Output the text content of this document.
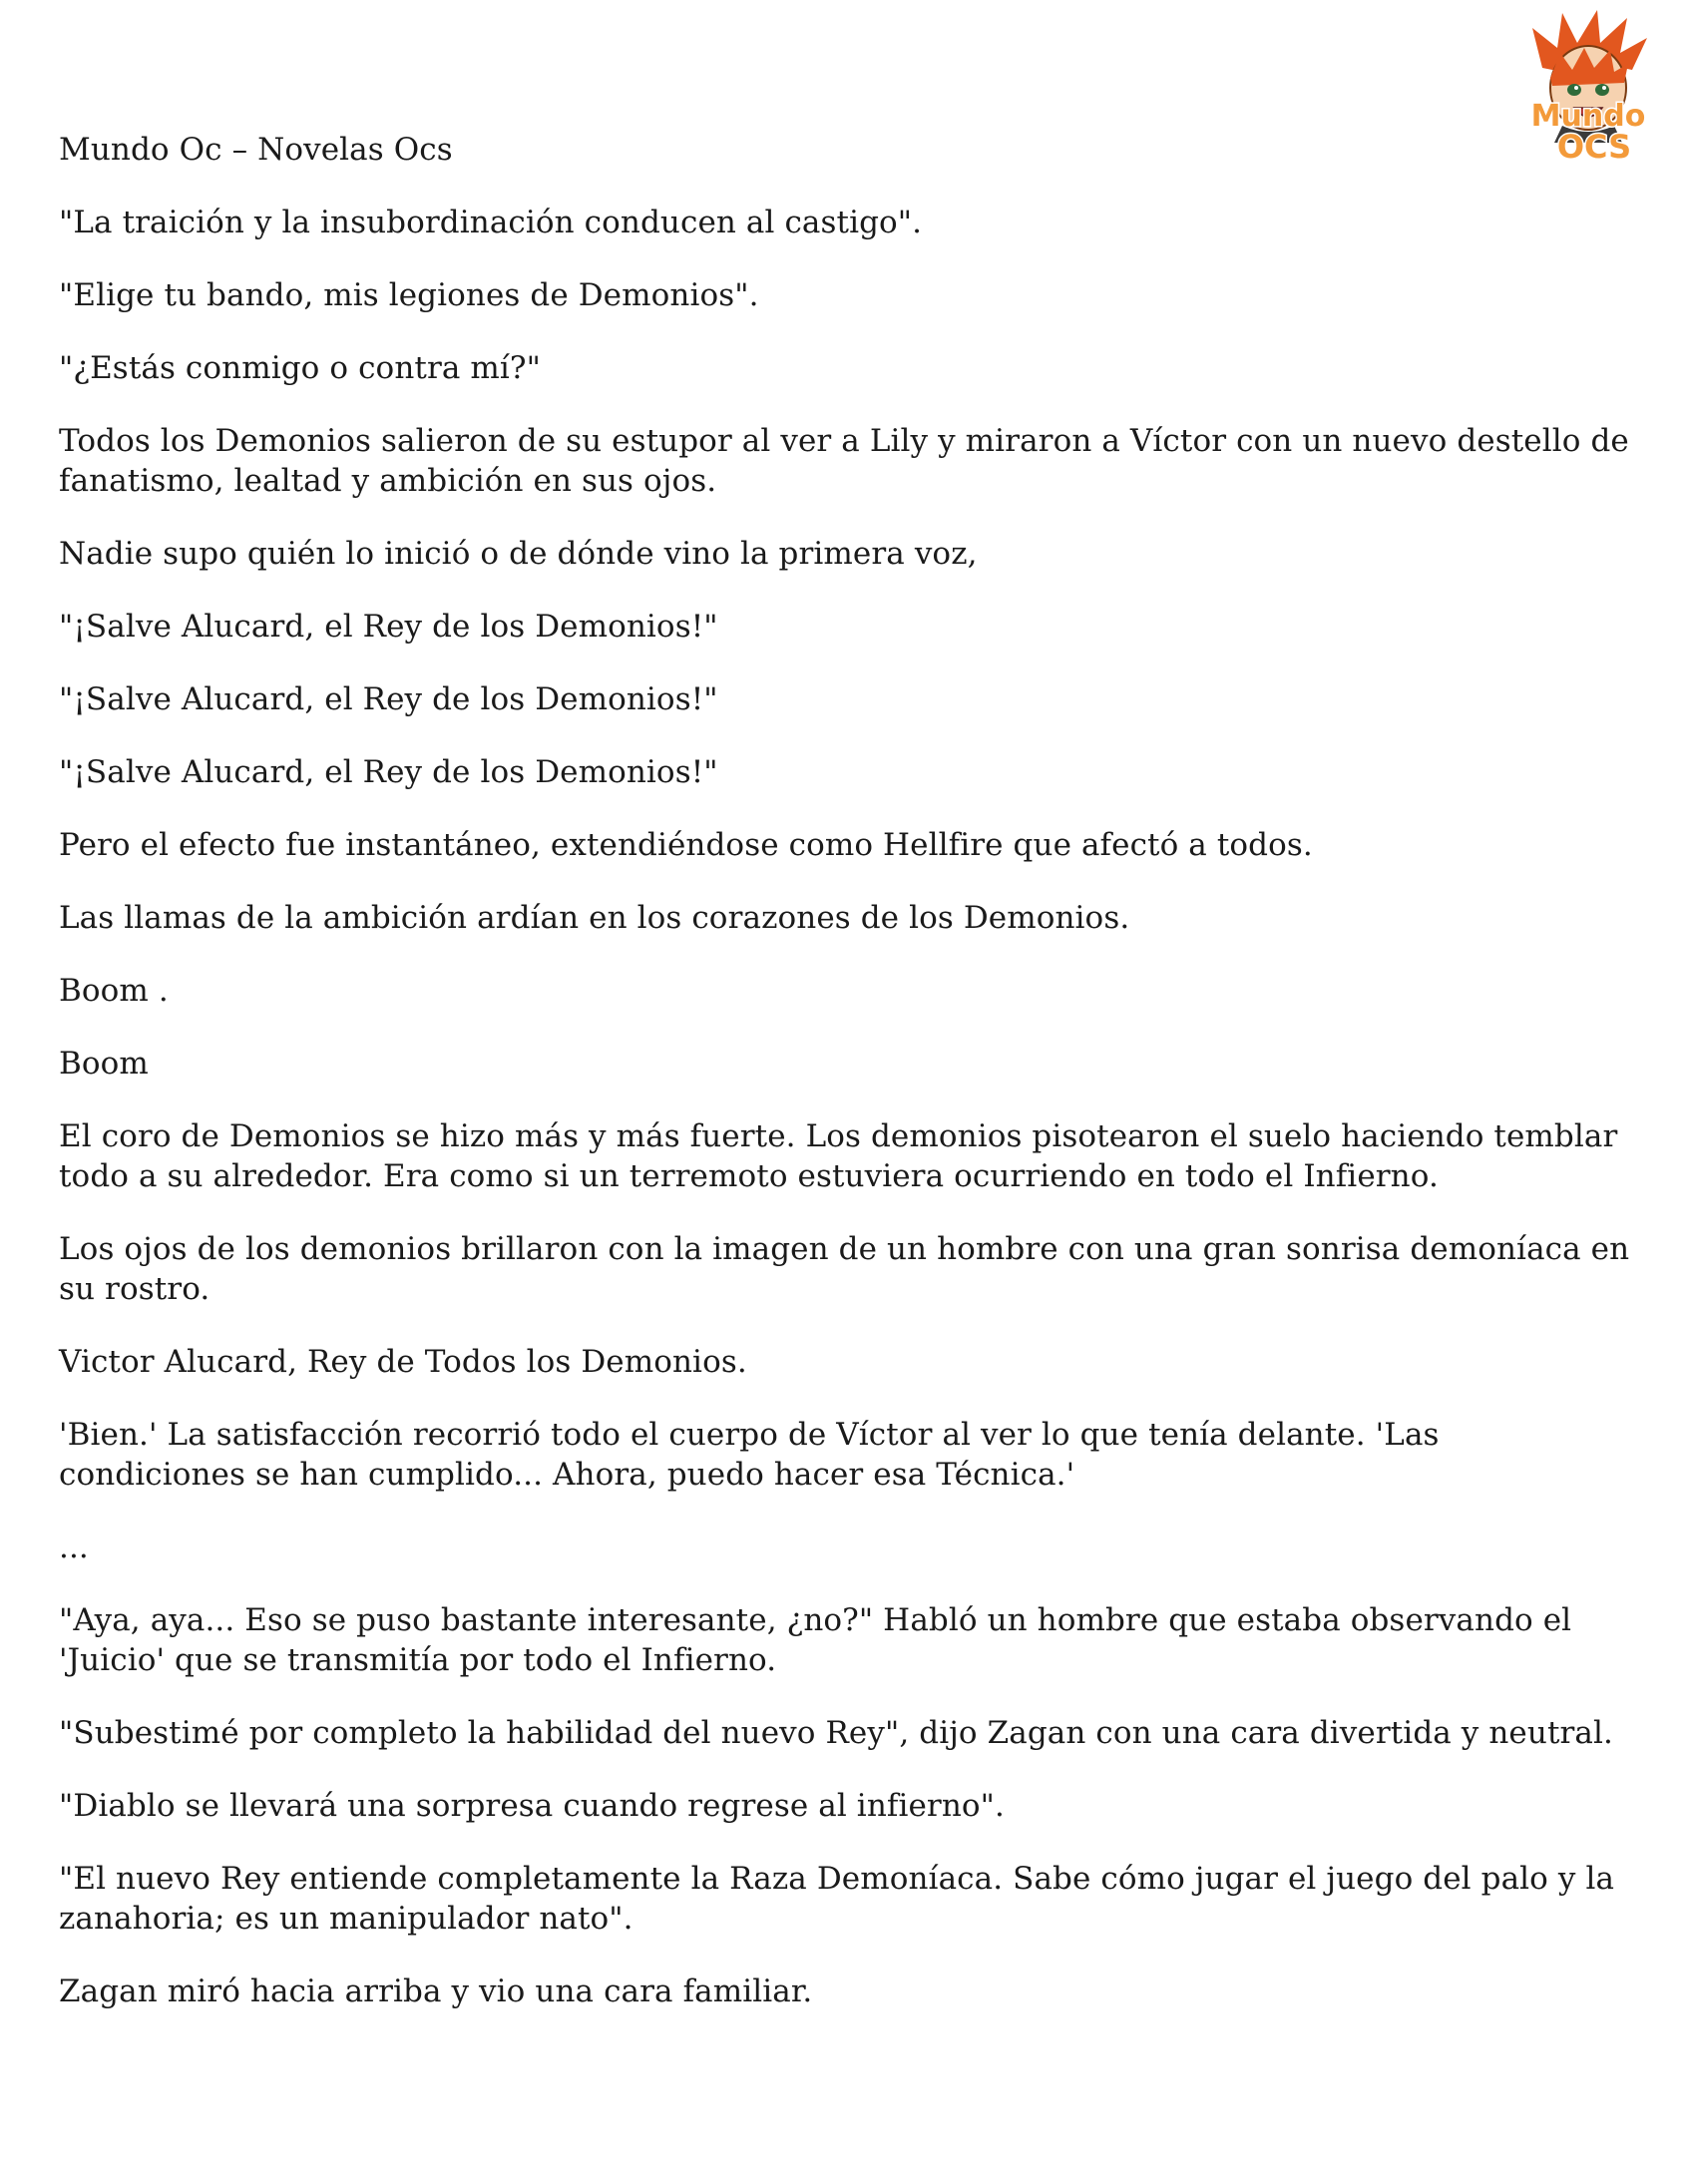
Mundo
OCS

Mundo Oc – Novelas Ocs

"La traición y la insubordinación conducen al castigo".

"Elige tu bando, mis legiones de Demonios".

"¿Estás conmigo o contra mí?"

Todos los Demonios salieron de su estupor al ver a Lily y miraron a Víctor con un nuevo destello de fanatismo, lealtad y ambición en sus ojos.

Nadie supo quién lo inició o de dónde vino la primera voz,

"¡Salve Alucard, el Rey de los Demonios!"

"¡Salve Alucard, el Rey de los Demonios!"

"¡Salve Alucard, el Rey de los Demonios!"

Pero el efecto fue instantáneo, extendiéndose como Hellfire que afectó a todos.

Las llamas de la ambición ardían en los corazones de los Demonios.

Boom .

Boom

El coro de Demonios se hizo más y más fuerte. Los demonios pisotearon el suelo haciendo temblar todo a su alrededor. Era como si un terremoto estuviera ocurriendo en todo el Infierno.

Los ojos de los demonios brillaron con la imagen de un hombre con una gran sonrisa demoníaca en su rostro.

Victor Alucard, Rey de Todos los Demonios.

'Bien.' La satisfacción recorrió todo el cuerpo de Víctor al ver lo que tenía delante. 'Las condiciones se han cumplido... Ahora, puedo hacer esa Técnica.'

...

"Aya, aya... Eso se puso bastante interesante, ¿no?" Habló un hombre que estaba observando el 'Juicio' que se transmitía por todo el Infierno.

"Subestimé por completo la habilidad del nuevo Rey", dijo Zagan con una cara divertida y neutral.

"Diablo se llevará una sorpresa cuando regrese al infierno".

"El nuevo Rey entiende completamente la Raza Demoníaca. Sabe cómo jugar el juego del palo y la zanahoria; es un manipulador nato".

Zagan miró hacia arriba y vio una cara familiar.
